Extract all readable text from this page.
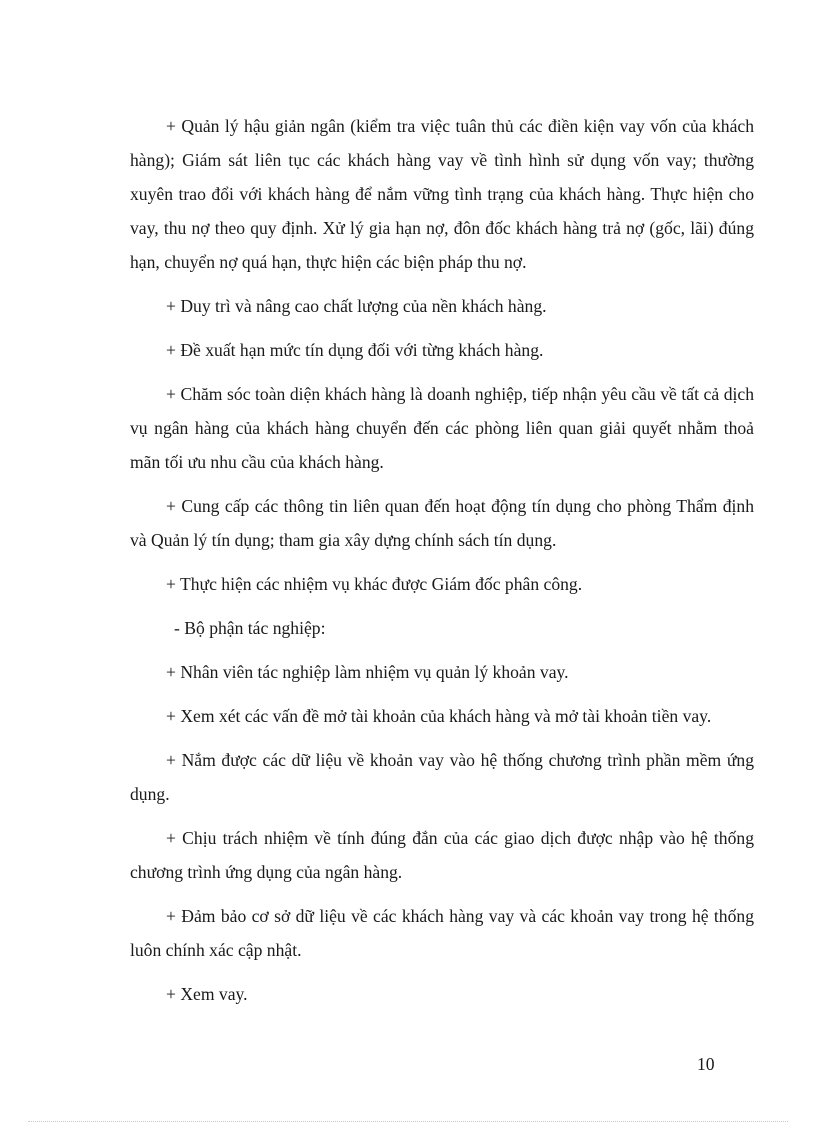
+ Quản lý hậu giản ngân (kiểm tra việc tuân thủ các điền kiện vay vốn của khách hàng); Giám sát liên tục các khách hàng vay về tình hình sử dụng vốn vay; thường xuyên trao đổi với khách hàng để nắm vững tình trạng của khách hàng. Thực hiện cho vay, thu nợ theo quy định. Xử lý gia hạn nợ, đôn đốc khách hàng trả nợ (gốc, lãi) đúng hạn, chuyển nợ quá hạn, thực hiện các biện pháp thu nợ.

+ Duy trì và nâng cao chất lượng của nền khách hàng.

+ Đề xuất hạn mức tín dụng đối với từng khách hàng.

+ Chăm sóc toàn diện khách hàng là doanh nghiệp, tiếp nhận yêu cầu về tất cả dịch vụ ngân hàng của khách hàng chuyển đến các phòng liên quan giải quyết nhằm thoả mãn tối ưu nhu cầu của khách hàng.

+ Cung cấp các thông tin liên quan đến hoạt động tín dụng cho phòng Thẩm định và Quản lý tín dụng; tham gia xây dựng chính sách tín dụng.

+ Thực hiện các nhiệm vụ khác được Giám đốc phân công.

- Bộ phận tác nghiệp:

+ Nhân viên tác nghiệp làm nhiệm vụ quản lý khoản vay.

+ Xem xét các vấn đề mở tài khoản của khách hàng và mở tài khoản tiền vay.

+ Nắm được các dữ liệu về khoản vay vào hệ thống chương trình phần mềm ứng dụng.

+ Chịu trách nhiệm về tính đúng đắn của các giao dịch được nhập vào hệ thống chương trình ứng dụng của ngân hàng.

+ Đảm bảo cơ sở dữ liệu về các khách hàng vay và các khoản vay trong hệ thống luôn chính xác cập nhật.

+ Xem vay.

10
